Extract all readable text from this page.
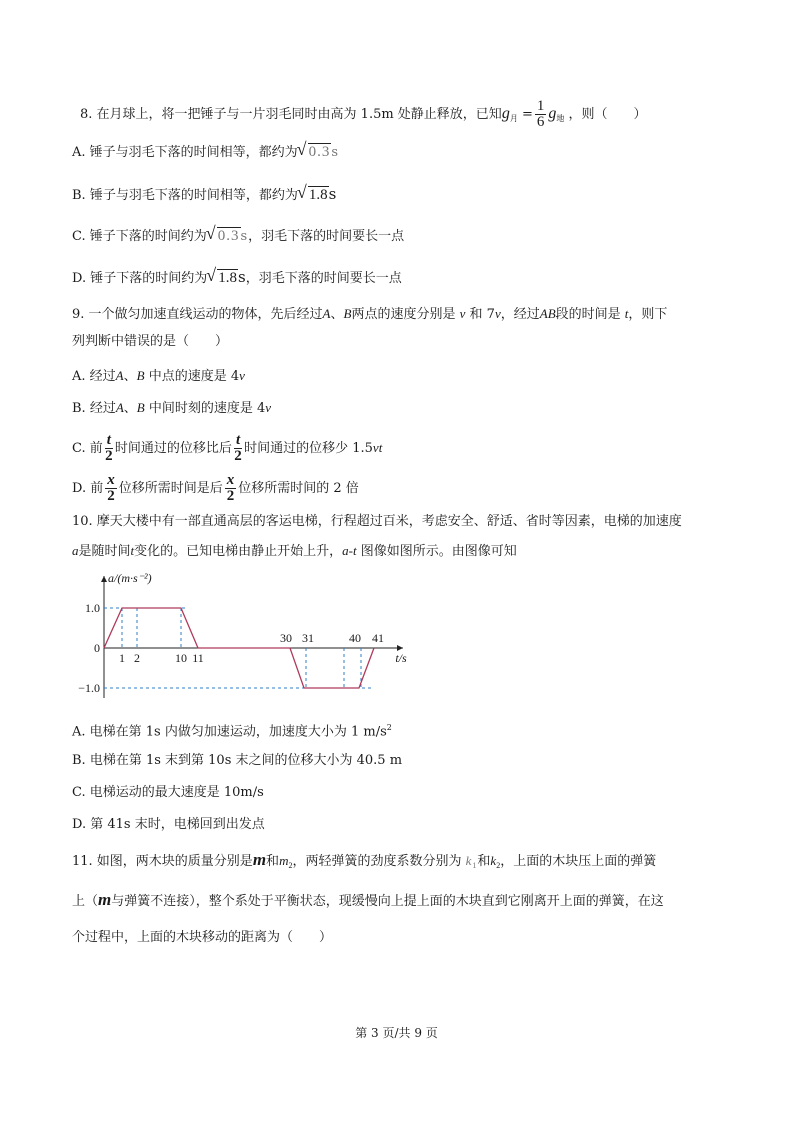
8. 在月球上，将一把锤子与一片羽毛同时由高为 1.5m 处静止释放，已知$g_月 = \frac{1}{6} g_地$ ，则（　　）
A. 锤子与羽毛下落的时间相等，都约为 √ 0.3s
B. 锤子与羽毛下落的时间相等，都约为 √ 1.8s
C. 锤子下落的时间约为 √ 0.3s，羽毛下落的时间要长一点
D. 锤子下落的时间约为 √ 1.8s，羽毛下落的时间要长一点
9. 一个做匀加速直线运动的物体，先后经过A、B两点的速度分别是 v 和 7v，经过AB段的时间是 t，则下
列判断中错误的是（　　）
A. 经过A、B 中点的速度是 4v
B. 经过A、B 中间时刻的速度是 4v
C. 前 $\frac{t}{2}$ 时间通过的位移比后 $\frac{t}{2}$ 时间通过的位移少 1.5vt
D. 前 $\frac{x}{2}$ 位移所需时间是后 $\frac{x}{2}$ 位移所需时间的 2 倍
10. 摩天大楼中有一部直通高层的客运电梯，行程超过百米，考虑安全、舒适、省时等因素，电梯的加速度
a是随时间t变化的。已知电梯由静止开始上升，a-t 图像如图所示。由图像可知
1.0
0
−1.0
1 2	10 11
30 31	40 41
a/(m·s⁻²)
t/s
A. 电梯在第 1s 内做匀加速运动，加速度大小为 1 $m/s^2$
B. 电梯在第 1s 末到第 10s 末之间的位移大小为 40.5 m
C. 电梯运动的最大速度是 10m/s
D. 第 41s 末时，电梯回到出发点
11. 如图，两木块的质量分别是m和$m_2$，两轻弹簧的劲度系数分别为 $k_1$和$k_2$，上面的木块压上面的弹簧
上（m与弹簧不连接），整个系处于平衡状态，现缓慢向上提上面的木块直到它刚离开上面的弹簧，在这
个过程中，上面的木块移动的距离为（　　）
第 3 页/共 9 页
